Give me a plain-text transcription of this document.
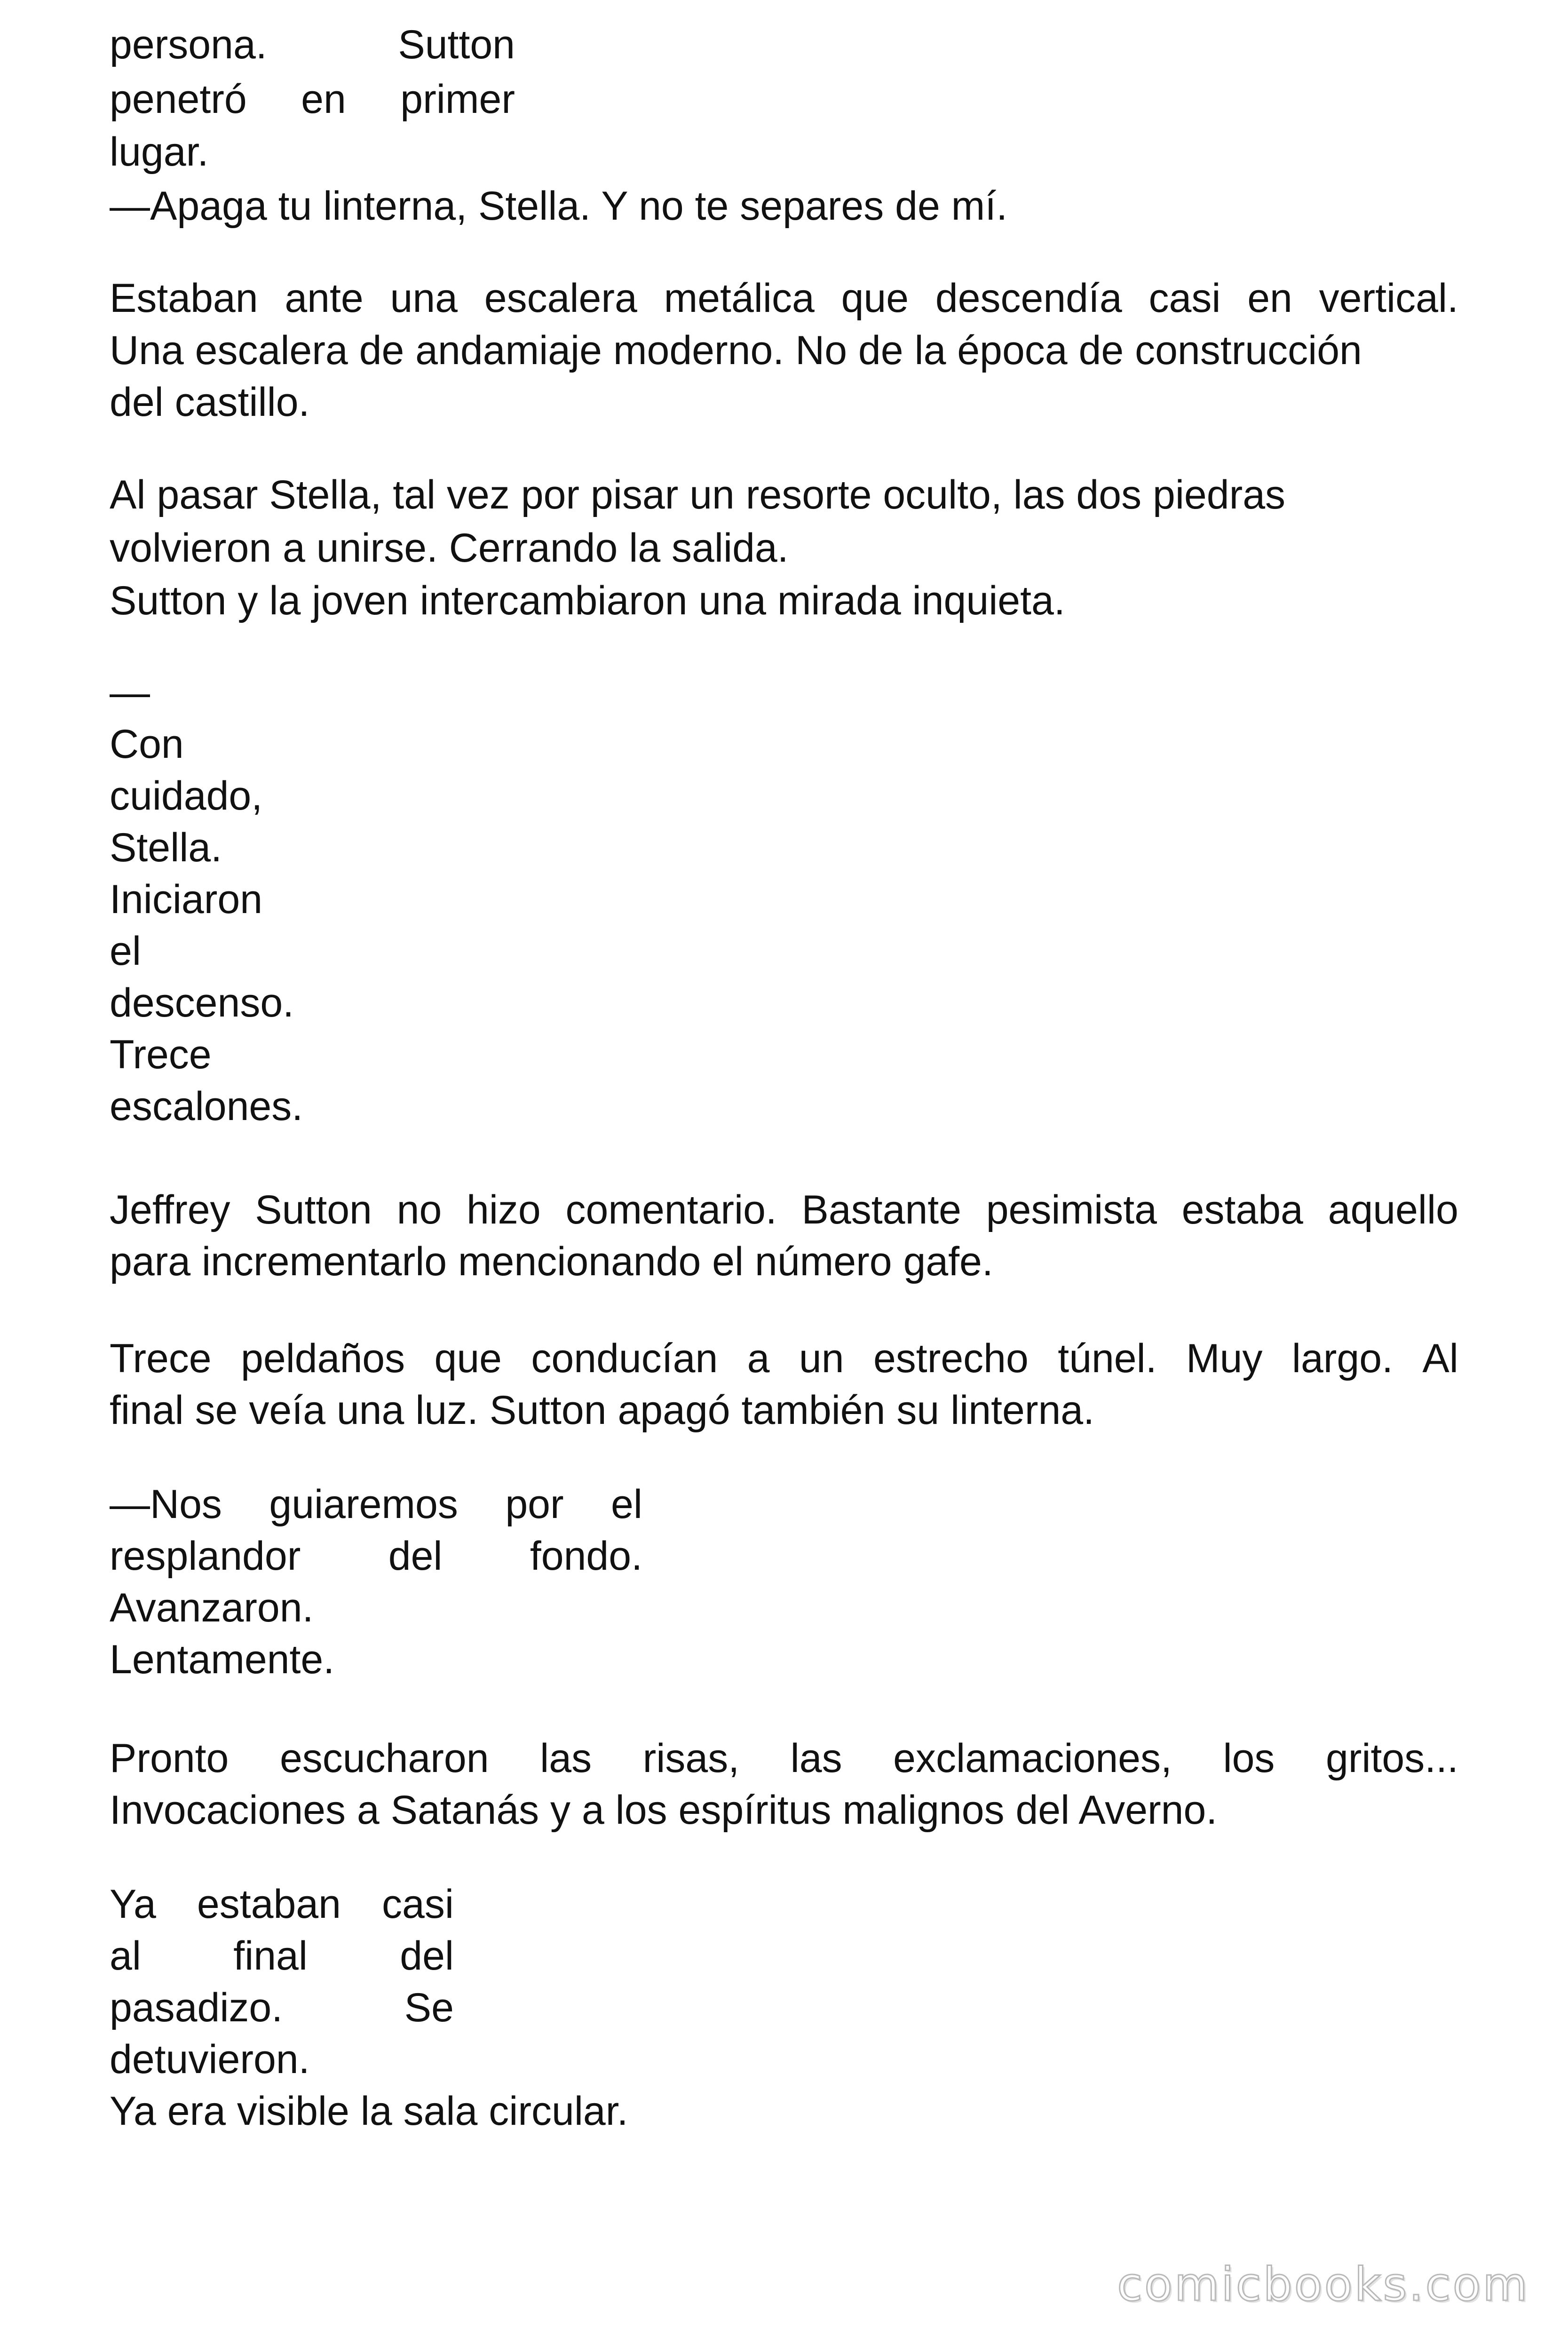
persona.	Sutton
penetró en primer

lugar.

—Apaga tu linterna, Stella. Y no te separes de mí.

Estaban ante una escalera metálica que descendía casi en vertical.

Una escalera de andamiaje moderno. No de la época de construcción

del castillo.

Al pasar Stella, tal vez por pisar un resorte oculto, las dos piedras

volvieron a unirse. Cerrando la salida.

Sutton y la joven intercambiaron una mirada inquieta.

—

Con

cuidado,

Stella.

Iniciaron

el

descenso.

Trece

escalones.

Jeffrey Sutton no hizo comentario. Bastante pesimista estaba aquello

para incrementarlo mencionando el número gafe.

Trece peldaños que conducían a un estrecho túnel. Muy largo. Al

final se veía una luz. Sutton apagó también su linterna.

—Nos guiaremos por el
resplandor del fondo.

Avanzaron.

Lentamente.

Pronto escucharon las risas, las exclamaciones, los gritos...

Invocaciones a Satanás y a los espíritus malignos del Averno.

Ya estaban casi
al final del
pasadizo.	Se

detuvieron.

Ya era visible la sala circular.

comicbooks.com
